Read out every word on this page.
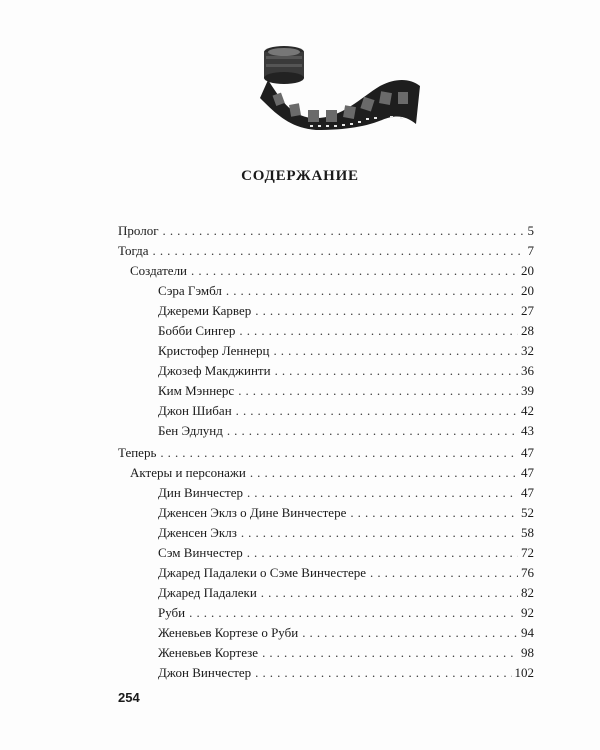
СОДЕРЖАНИЕ
Пролог . . .	5
Тогда . . .	7
Создатели . . .	20
Сэра Гэмбл . . .	20
Джереми Карвер . . .	27
Бобби Сингер . . .	28
Кристофер Леннерц . . .	32
Джозеф Макджинти . . .	36
Ким Мэннерс . . .	39
Джон Шибан . . .	42
Бен Эдлунд . . .	43
Теперь . . .	47
Актеры и персонажи . . .	47
Дин Винчестер . . .	47
Дженсен Эклз о Дине Винчестере . . .	52
Дженсен Эклз . . .	58
Сэм Винчестер . . .	72
Джаред Падалеки о Сэме Винчестере . . .	76
Джаред Падалеки . . .	82
Руби . . .	92
Женевьев Кортезе о Руби . . .	94
Женевьев Кортезе . . .	98
Джон Винчестер . . .	102
254
